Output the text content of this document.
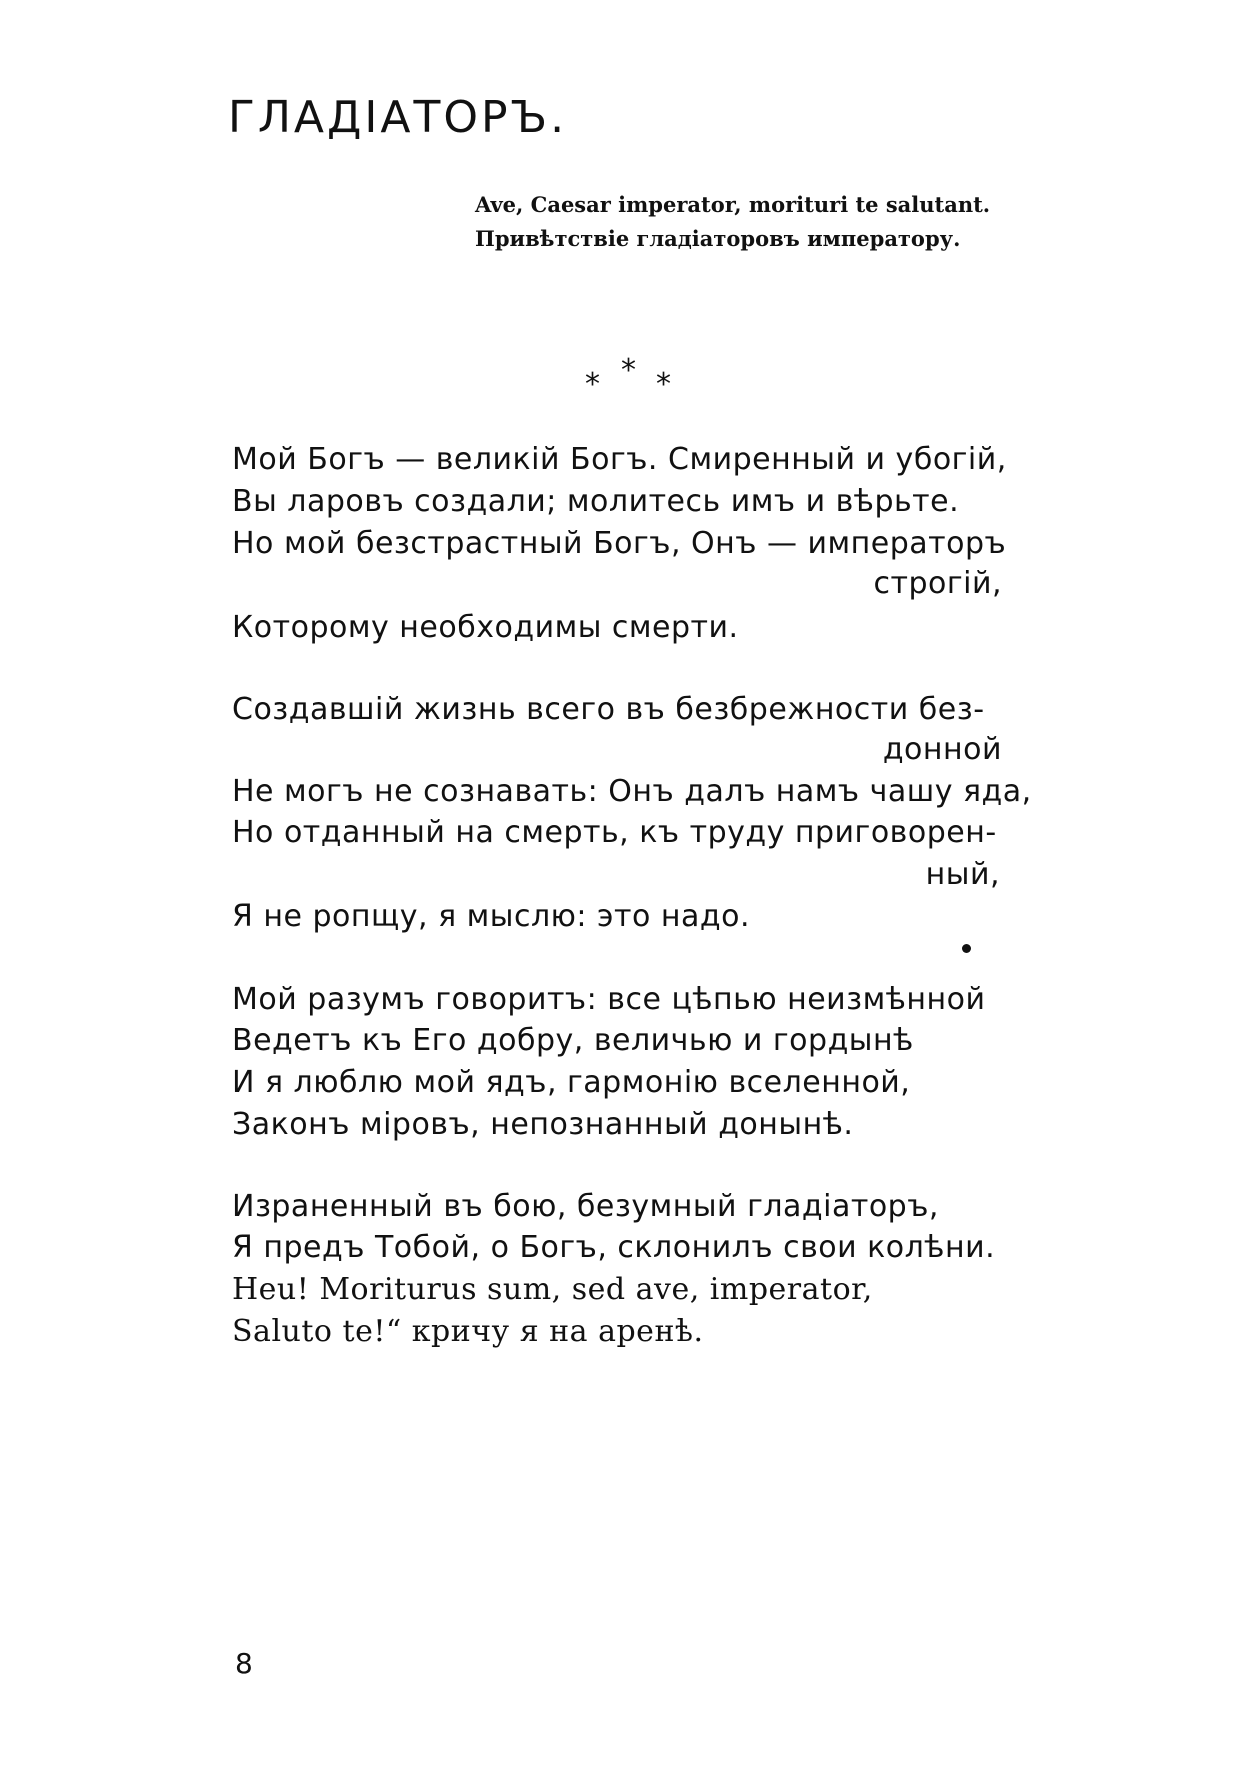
ГЛАДІАТОРЪ.
Ave, Caesar imperator, morituri te salutant.
Привѣтствіе гладіаторовъ императору.
* * *
Мой Богъ — великій Богъ. Смиренный и убогій,
Вы ларовъ создали; молитесь имъ и вѣрьте.
Но мой безстрастный Богъ, Онъ — императоръ
строгій,
Которому необходимы смерти.
Создавшій жизнь всего въ безбрежности без-
донной
Не могъ не сознавать: Онъ далъ намъ чашу яда,
Но отданный на смерть, къ труду приговорен-
ный,
Я не ропщу, я мыслю: это надо.
Мой разумъ говоритъ: все цѣпью неизмѣнной
Ведетъ къ Его добру, величью и гордынѣ
И я люблю мой ядъ, гармонію вселенной,
Законъ міровъ, непознанный донынѣ.
Израненный въ бою, безумный гладіаторъ,
Я предъ Тобой, о Богъ, склонилъ свои колѣни.
Heu! Moriturus sum, sed ave, imperator,
Saluto te!“ кричу я на аренѣ.
8
